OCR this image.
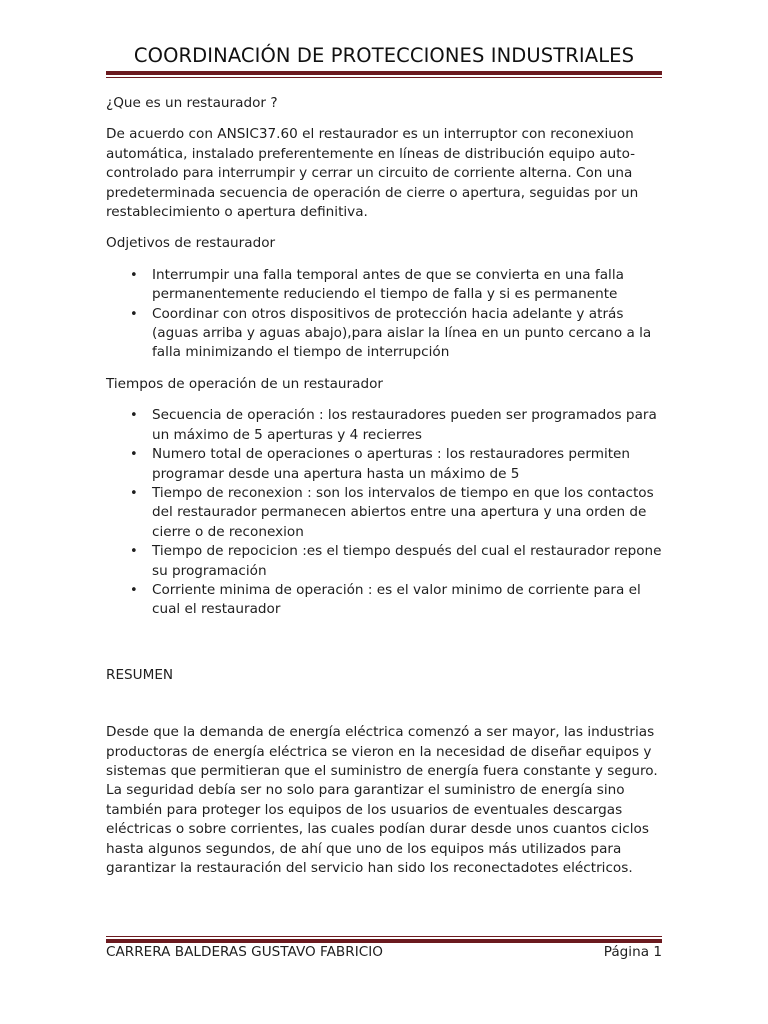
COORDINACIÓN DE PROTECCIONES INDUSTRIALES

¿Que es un restaurador ?

De acuerdo con ANSIC37.60 el restaurador es un interruptor con reconexiuon automática, instalado preferentemente en líneas de distribución equipo auto-controlado para interrumpir y cerrar un circuito de corriente alterna. Con una predeterminada secuencia de operación de cierre o apertura, seguidas por un restablecimiento o apertura definitiva.

Odjetivos de restaurador

• Interrumpir una falla temporal antes de que se convierta en una falla permanentemente reduciendo el tiempo de falla y si es permanente
• Coordinar con otros dispositivos de protección hacia adelante y atrás (aguas arriba y aguas abajo),para aislar la línea en un punto cercano a la falla minimizando el tiempo de interrupción

Tiempos de operación de un restaurador

• Secuencia de operación : los restauradores pueden ser programados para un máximo de 5 aperturas y 4 recierres
• Numero total de operaciones o aperturas : los restauradores permiten programar desde una apertura hasta un máximo de 5
• Tiempo de reconexion : son los intervalos de tiempo en que los contactos del restaurador permanecen abiertos entre una apertura y una orden de cierre o de reconexion
• Tiempo de repocicion :es el tiempo después del cual el restaurador repone su programación
• Corriente minima de operación : es el valor minimo de corriente para el cual el restaurador

RESUMEN

Desde que la demanda de energía eléctrica comenzó a ser mayor, las industrias productoras de energía eléctrica se vieron en la necesidad de diseñar equipos y sistemas que permitieran que el suministro de energía fuera constante y seguro. La seguridad debía ser no solo para garantizar el suministro de energía sino también para proteger los equipos de los usuarios de eventuales descargas eléctricas o sobre corrientes, las cuales podían durar desde unos cuantos ciclos hasta algunos segundos, de ahí que uno de los equipos más utilizados para garantizar la restauración del servicio han sido los reconectadotes eléctricos.

CARRERA BALDERAS GUSTAVO FABRICIO	Página 1
